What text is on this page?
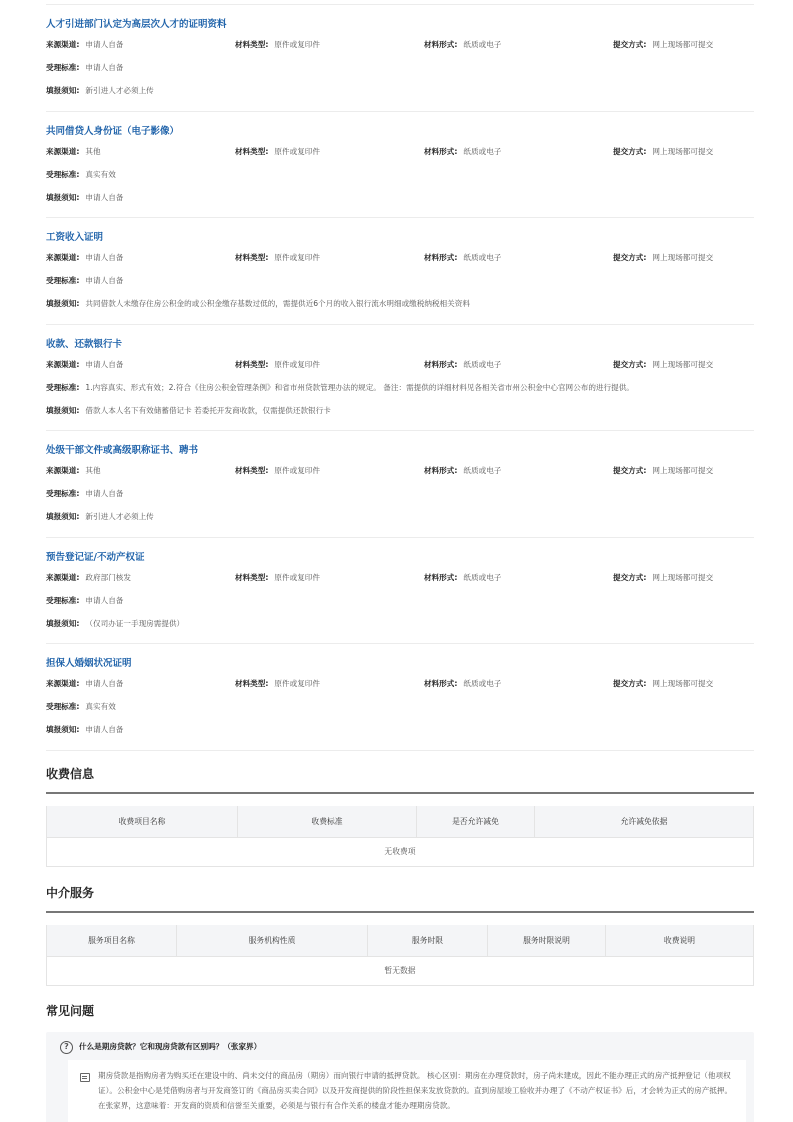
人才引进部门认定为高层次人才的证明资料
来源渠道: 申请人自备	材料类型: 原件或复印件	材料形式: 纸质或电子	提交方式: 网上现场都可提交
受理标准: 申请人自备
填报须知: 新引进人才必须上传
共同借贷人身份证（电子影像）
来源渠道: 其他	材料类型: 原件或复印件	材料形式: 纸质或电子	提交方式: 网上现场都可提交
受理标准: 真实有效
填报须知: 申请人自备
工资收入证明
来源渠道: 申请人自备	材料类型: 原件或复印件	材料形式: 纸质或电子	提交方式: 网上现场都可提交
受理标准: 申请人自备
填报须知: 共同借款人未缴存住房公积金的或公积金缴存基数过低的，需提供近6个月的收入银行流水明细或缴税纳税相关资料
收款、还款银行卡
来源渠道: 申请人自备	材料类型: 原件或复印件	材料形式: 纸质或电子	提交方式: 网上现场都可提交
受理标准: 1.内容真实、形式有效；2.符合《住房公积金管理条例》和省市州贷款管理办法的规定。 备注：需提供的详细材料见各相关省市州公积金中心官网公布的进行提供。
填报须知: 借款人本人名下有效储蓄借记卡 若委托开发商收款，仅需提供还款银行卡
处级干部文件或高级职称证书、聘书
来源渠道: 其他	材料类型: 原件或复印件	材料形式: 纸质或电子	提交方式: 网上现场都可提交
受理标准: 申请人自备
填报须知: 新引进人才必须上传
预告登记证/不动产权证
来源渠道: 政府部门核发	材料类型: 原件或复印件	材料形式: 纸质或电子	提交方式: 网上现场都可提交
受理标准: 申请人自备
填报须知: （仅司办证一手现房需提供）
担保人婚姻状况证明
来源渠道: 申请人自备	材料类型: 原件或复印件	材料形式: 纸质或电子	提交方式: 网上现场都可提交
受理标准: 真实有效
填报须知: 申请人自备
收费信息
收费项目名称	收费标准	是否允许减免	允许减免依据
无收费项
中介服务
服务项目名称	服务机构性质	服务时限	服务时限说明	收费说明
暂无数据
常见问题
? 什么是期房贷款？它和现房贷款有区别吗？（张家界）

期房贷款是指购房者为购买还在建设中的、尚未交付的商品房（期房）而向银行申请的抵押贷款。 核心区别：期房在办理贷款时，房子尚未建成，因此不能办理正式的房产抵押登记（他项权证）。公积金中心是凭借购房者与开发商签订的《商品房买卖合同》以及开发商提供的阶段性担保来发放贷款的。直到房屋竣工验收并办理了《不动产权证书》后，才会转为正式的房产抵押。 在张家界，这意味着：开发商的资质和信誉至关重要，必须是与银行有合作关系的楼盘才能办理期房贷款。
